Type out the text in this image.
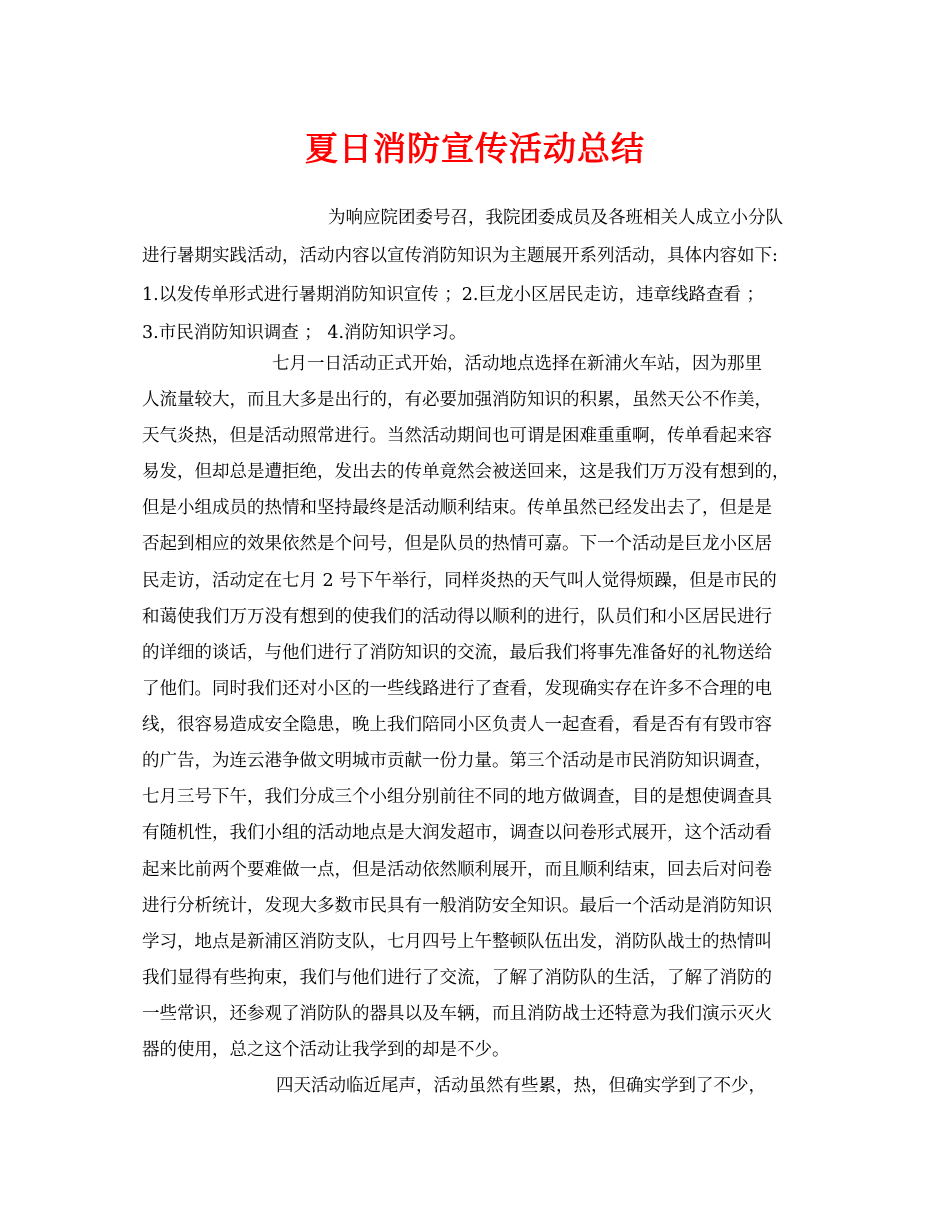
夏日消防宣传活动总结

为响应院团委号召，我院团委成员及各班相关人成立小分队

进行暑期实践活动，活动内容以宣传消防知识为主题展开系列活动，具体内容如下:

1.以发传单形式进行暑期消防知识宣传 ；2.巨龙小区居民走访，违章线路查看 ；

3.市民消防知识调查 ； 4.消防知识学习。

七月一日活动正式开始，活动地点选择在新浦火车站，因为那里

人流量较大，而且大多是出行的，有必要加强消防知识的积累，虽然天公不作美，

天气炎热，但是活动照常进行。当然活动期间也可谓是困难重重啊，传单看起来容

易发，但却总是遭拒绝，发出去的传单竟然会被送回来，这是我们万万没有想到的，

但是小组成员的热情和坚持最终是活动顺利结束。传单虽然已经发出去了，但是是

否起到相应的效果依然是个问号，但是队员的热情可嘉。下一个活动是巨龙小区居

民走访，活动定在七月 2 号下午举行，同样炎热的天气叫人觉得烦躁，但是市民的

和蔼使我们万万没有想到的使我们的活动得以顺利的进行，队员们和小区居民进行

的详细的谈话，与他们进行了消防知识的交流，最后我们将事先准备好的礼物送给

了他们。同时我们还对小区的一些线路进行了查看，发现确实存在许多不合理的电

线，很容易造成安全隐患，晚上我们陪同小区负责人一起查看，看是否有有毁市容

的广告，为连云港争做文明城市贡献一份力量。第三个活动是市民消防知识调查，

七月三号下午，我们分成三个小组分别前往不同的地方做调查，目的是想使调查具

有随机性，我们小组的活动地点是大润发超市，调查以问卷形式展开，这个活动看

起来比前两个要难做一点，但是活动依然顺利展开，而且顺利结束，回去后对问卷

进行分析统计，发现大多数市民具有一般消防安全知识。最后一个活动是消防知识

学习，地点是新浦区消防支队，七月四号上午整顿队伍出发，消防队战士的热情叫

我们显得有些拘束，我们与他们进行了交流，了解了消防队的生活，了解了消防的

一些常识，还参观了消防队的器具以及车辆，而且消防战士还特意为我们演示灭火

器的使用，总之这个活动让我学到的却是不少。

四天活动临近尾声，活动虽然有些累，热，但确实学到了不少，
